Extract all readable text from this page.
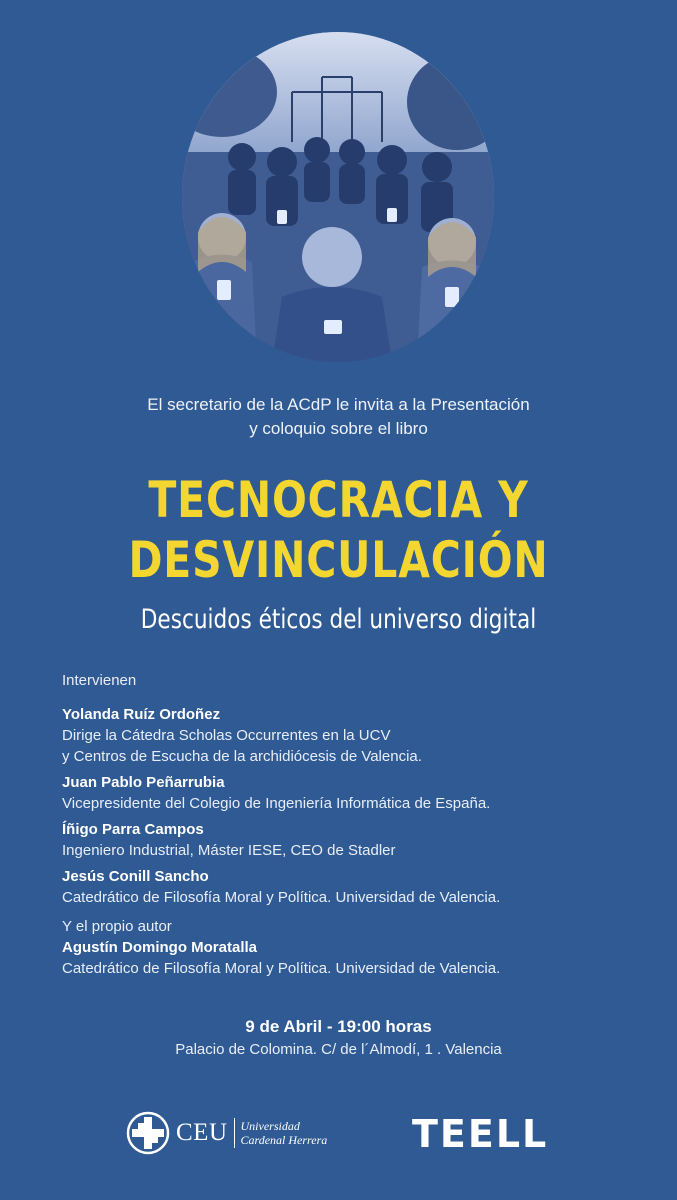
El secretario de la ACdP le invita a la Presentación
y coloquio sobre el libro
TECNOCRACIA Y
DESVINCULACIÓN
Descuidos éticos del universo digital
Intervienen
Yolanda Ruíz Ordoñez
Dirige la Cátedra Scholas Occurrentes en la UCV
y Centros de Escucha de la archidiócesis de Valencia.
Juan Pablo Peñarrubia
Vicepresidente del Colegio de Ingeniería Informática de España.
Íñigo Parra Campos
Ingeniero Industrial, Máster IESE, CEO de Stadler
Jesús Conill Sancho
Catedrático de Filosofía Moral y Política. Universidad de Valencia.
Y el propio autor
Agustín Domingo Moratalla
Catedrático de Filosofía Moral y Política. Universidad de Valencia.
9 de Abril - 19:00 horas
Palacio de Colomina. C/ de l´Almodí, 1 . Valencia
CEU Universidad
Cardenal Herrera TEELL
